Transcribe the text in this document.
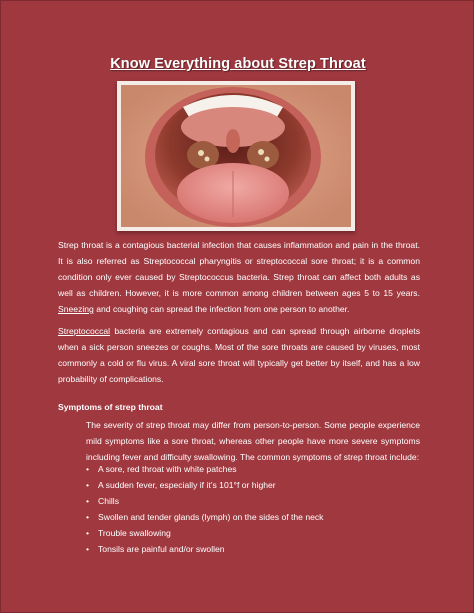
Know Everything about Strep Throat

Strep throat is a contagious bacterial infection that causes inflammation and pain in the throat. It is also referred as Streptococcal pharyngitis or streptococcal sore throat; it is a common condition only ever caused by Streptococcus bacteria. Strep throat can affect both adults as well as children. However, it is more common among children between ages 5 to 15 years. Sneezing and coughing can spread the infection from one person to another.

Streptococcal bacteria are extremely contagious and can spread through airborne droplets when a sick person sneezes or coughs. Most of the sore throats are caused by viruses, most commonly a cold or flu virus. A viral sore throat will typically get better by itself, and has a low probability of complications.

Symptoms of strep throat
The severity of strep throat may differ from person-to-person. Some people experience mild symptoms like a sore throat, whereas other people have more severe symptoms including fever and difficulty swallowing. The common symptoms of strep throat include:
• A sore, red throat with white patches
• A sudden fever, especially if it’s 101°f or higher
• Chills
• Swollen and tender glands (lymph) on the sides of the neck
• Trouble swallowing
• Tonsils are painful and/or swollen
